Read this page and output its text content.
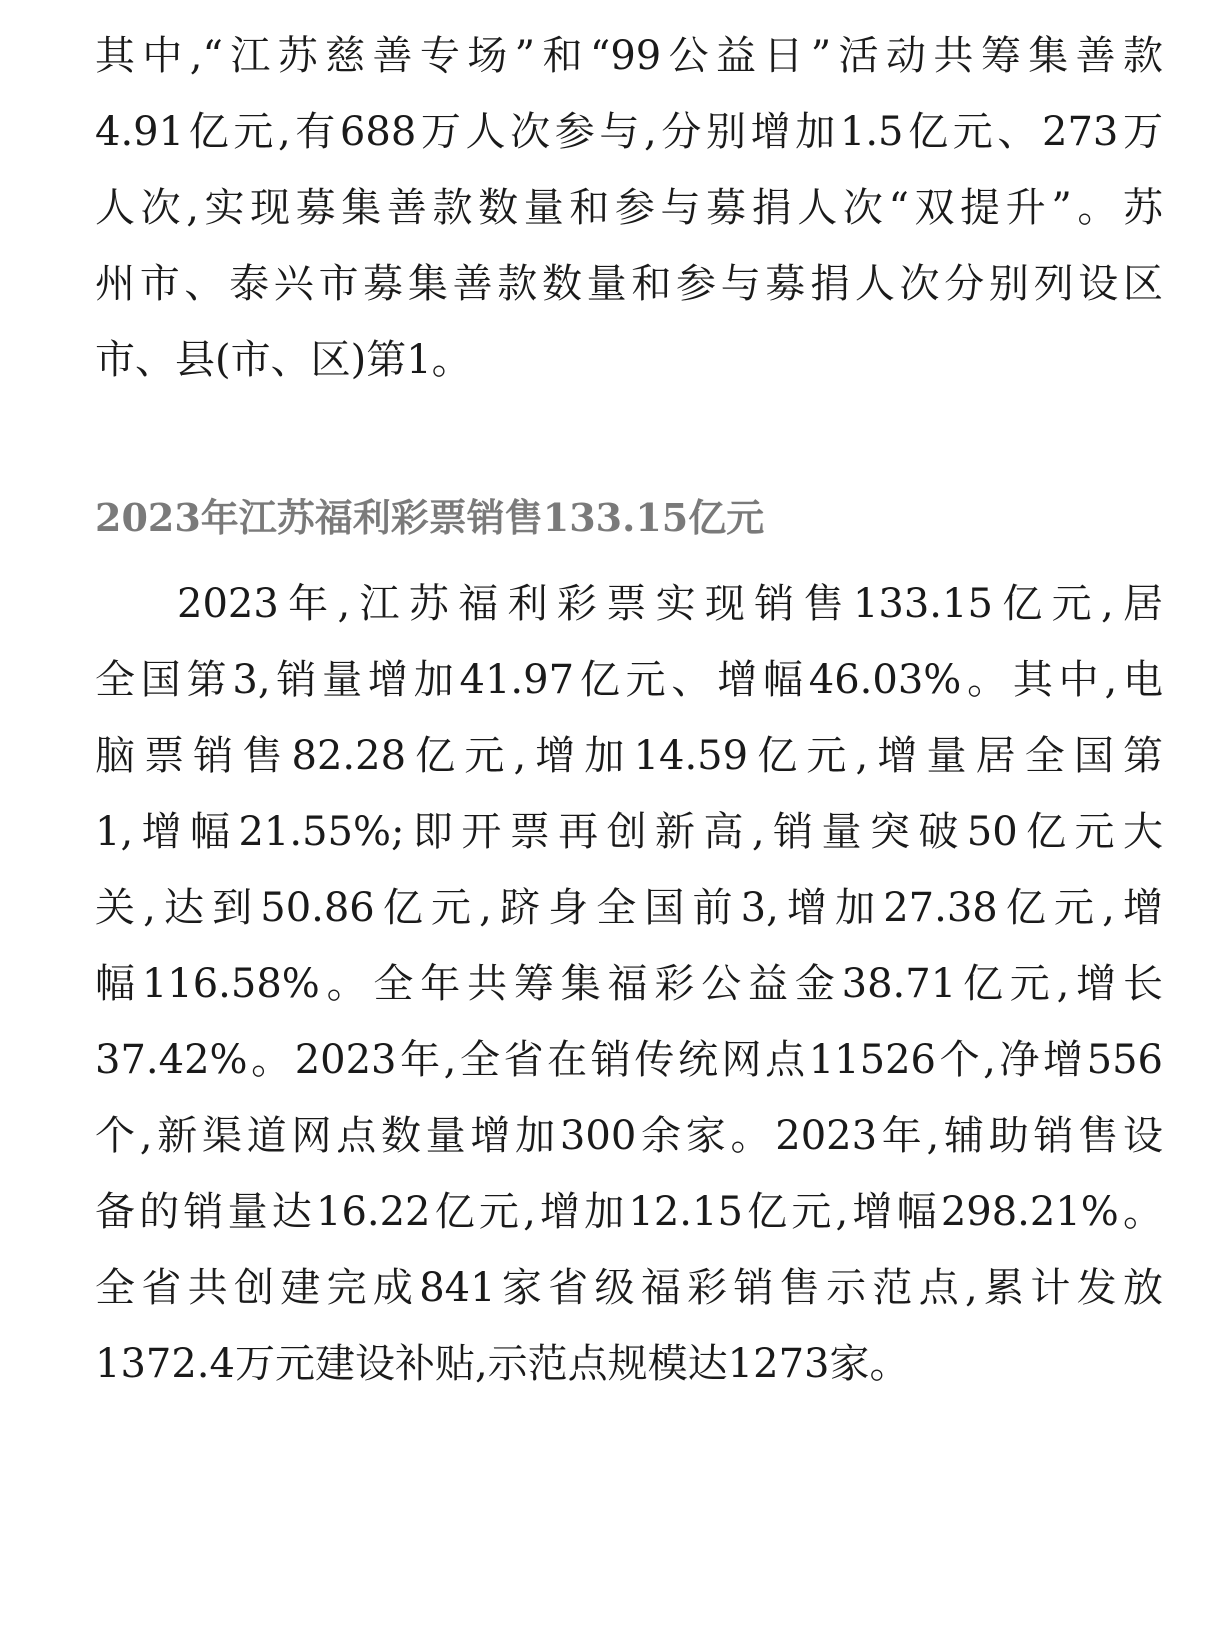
其中,“江苏慈善专场”和“99公益日”活动共筹集善款
4.91亿元,有688万人次参与,分别增加1.5亿元、273万
人次,实现募集善款数量和参与募捐人次“双提升”。苏
州市、泰兴市募集善款数量和参与募捐人次分别列设区
市、县(市、区)第1。
2023年江苏福利彩票销售133.15亿元
2023年,江苏福利彩票实现销售133.15亿元,居
全国第3,销量增加41.97亿元、增幅46.03%。其中,电
脑票销售82.28亿元,增加14.59亿元,增量居全国第
1,增幅21.55%;即开票再创新高,销量突破50亿元大
关,达到50.86亿元,跻身全国前3,增加27.38亿元,增
幅116.58%。全年共筹集福彩公益金38.71亿元,增长
37.42%。2023年,全省在销传统网点11526个,净增556
个,新渠道网点数量增加300余家。2023年,辅助销售设
备的销量达16.22亿元,增加12.15亿元,增幅298.21%。
全省共创建完成841家省级福彩销售示范点,累计发放
1372.4万元建设补贴,示范点规模达1273家。
